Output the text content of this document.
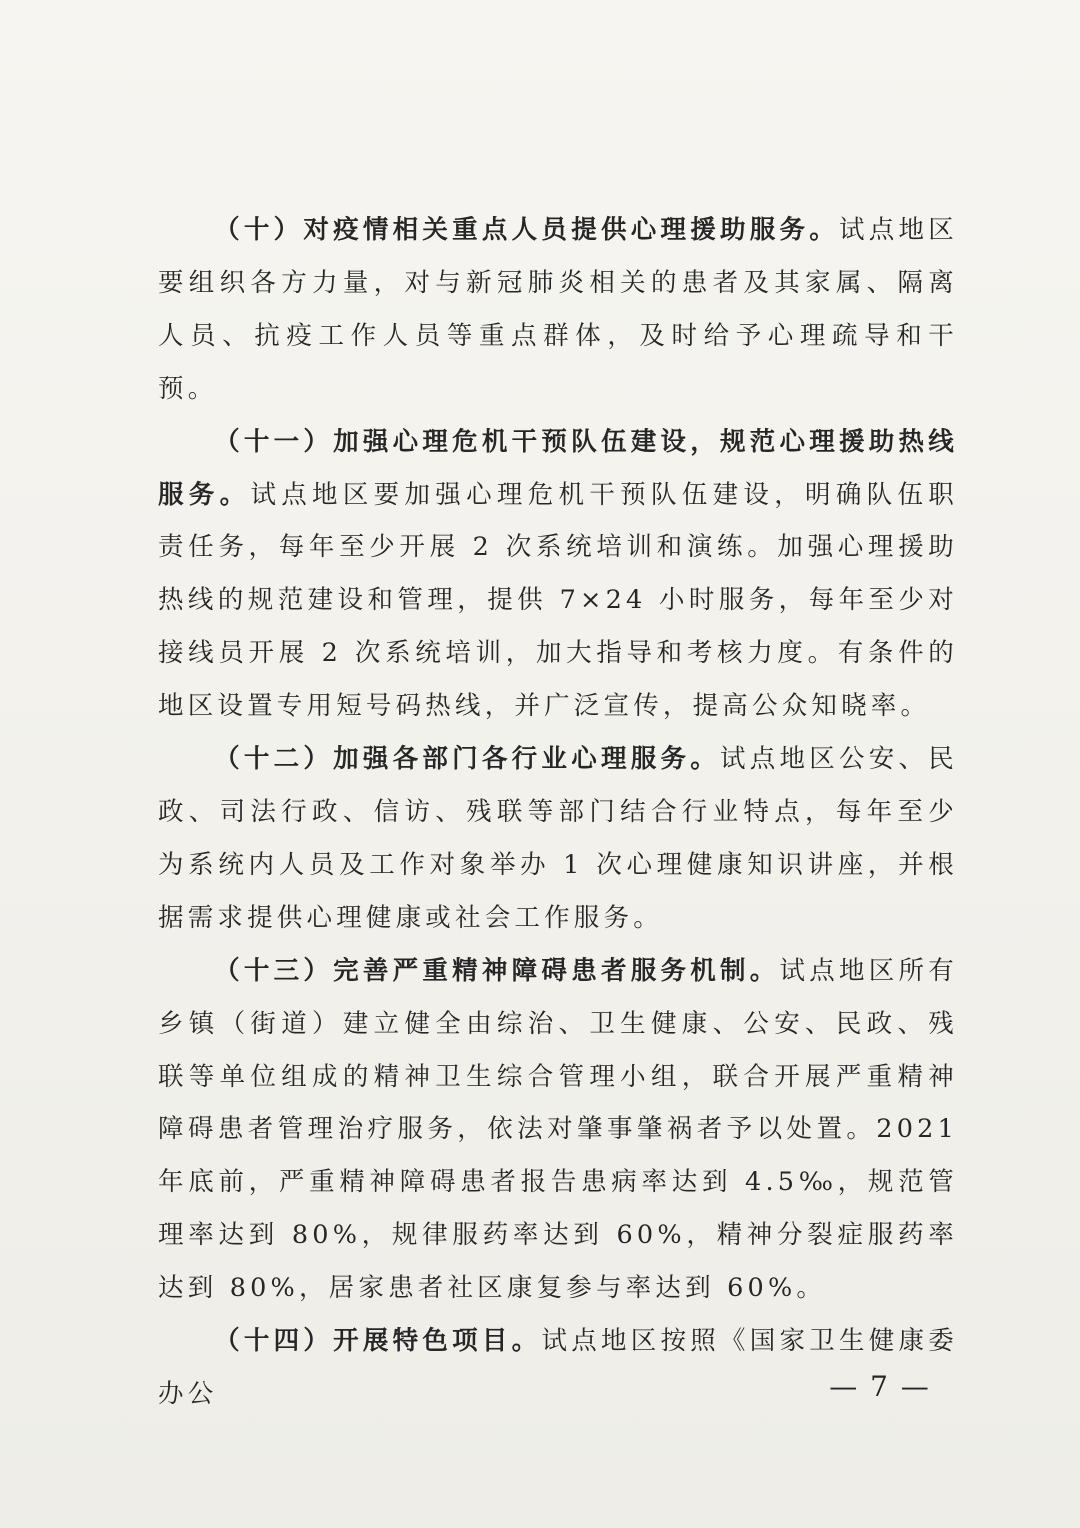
（十）对疫情相关重点人员提供心理援助服务。试点地区要组织各方力量，对与新冠肺炎相关的患者及其家属、隔离人员、抗疫工作人员等重点群体，及时给予心理疏导和干预。

（十一）加强心理危机干预队伍建设，规范心理援助热线服务。试点地区要加强心理危机干预队伍建设，明确队伍职责任务，每年至少开展 2 次系统培训和演练。加强心理援助热线的规范建设和管理，提供 7×24 小时服务，每年至少对接线员开展 2 次系统培训，加大指导和考核力度。有条件的地区设置专用短号码热线，并广泛宣传，提高公众知晓率。

（十二）加强各部门各行业心理服务。试点地区公安、民政、司法行政、信访、残联等部门结合行业特点，每年至少为系统内人员及工作对象举办 1 次心理健康知识讲座，并根据需求提供心理健康或社会工作服务。

（十三）完善严重精神障碍患者服务机制。试点地区所有乡镇（街道）建立健全由综治、卫生健康、公安、民政、残联等单位组成的精神卫生综合管理小组，联合开展严重精神障碍患者管理治疗服务，依法对肇事肇祸者予以处置。2021 年底前，严重精神障碍患者报告患病率达到 4.5‰，规范管理率达到 80%，规律服药率达到 60%，精神分裂症服药率达到 80%，居家患者社区康复参与率达到 60%。

（十四）开展特色项目。试点地区按照《国家卫生健康委办公	— 7 —
